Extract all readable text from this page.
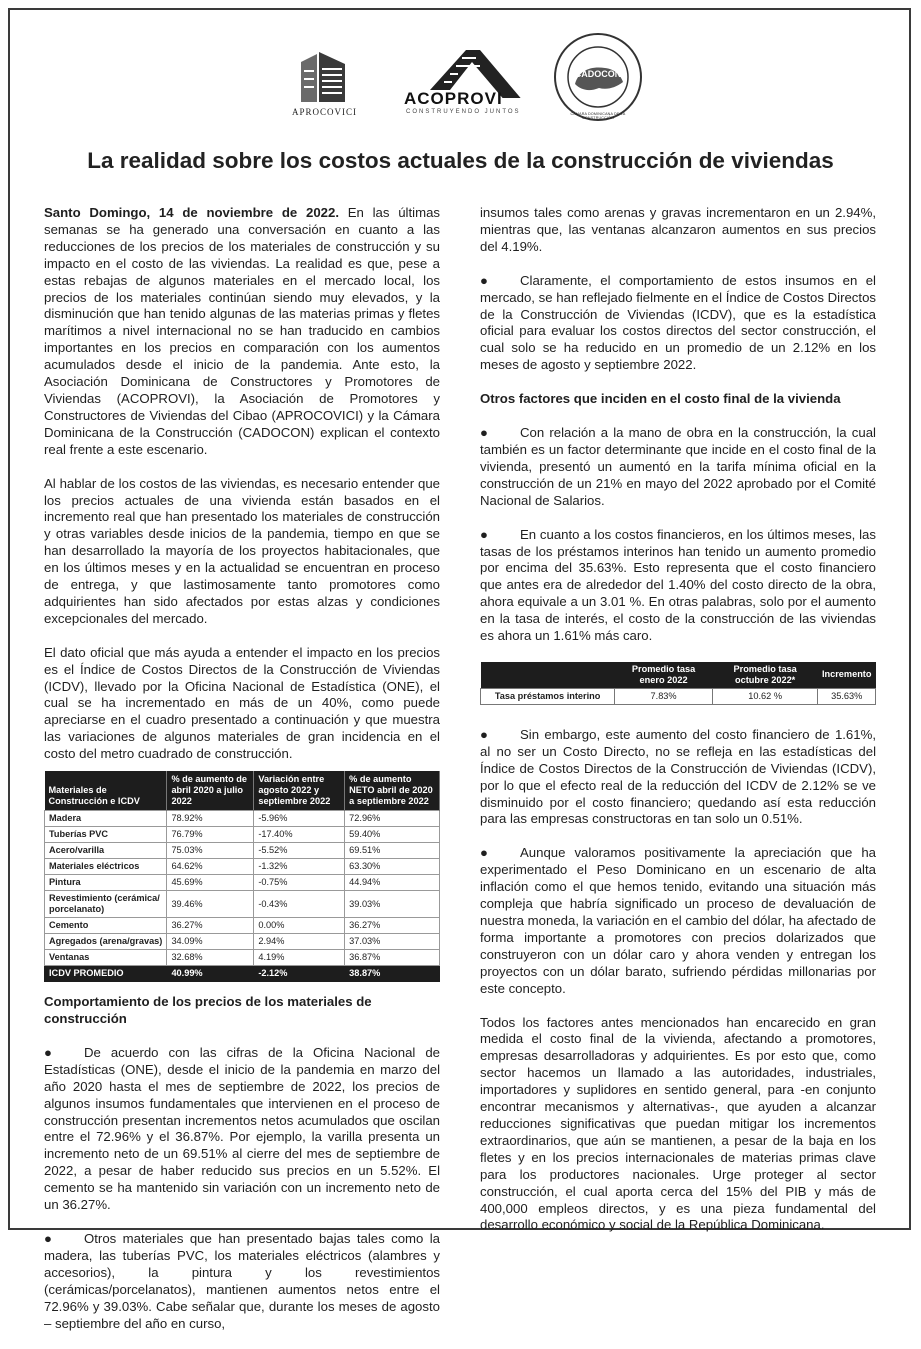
APROCOVICI
ACOPROVI
CONSTRUYENDO JUNTOS
CADOCON
CÁMARA DOMINICANA DE LA CONSTRUCCIÓN
La realidad sobre los costos actuales de la construcción de viviendas

Santo Domingo, 14 de noviembre de 2022. En las últimas semanas se ha generado una conversación en cuanto a las reducciones de los precios de los materiales de construcción y su impacto en el costo de las viviendas. La realidad es que, pese a estas rebajas de algunos materiales en el mercado local, los precios de los materiales continúan siendo muy elevados, y la disminución que han tenido algunas de las materias primas y fletes marítimos a nivel internacional no se han traducido en cambios importantes en los precios en comparación con los aumentos acumulados desde el inicio de la pandemia. Ante esto, la Asociación Dominicana de Constructores y Promotores de Viviendas (ACOPROVI), la Asociación de Promotores y Constructores de Viviendas del Cibao (APROCOVICI) y la Cámara Dominicana de la Construcción (CADOCON) explican el contexto real frente a este escenario.

Al hablar de los costos de las viviendas, es necesario entender que los precios actuales de una vivienda están basados en el incremento real que han presentado los materiales de construcción y otras variables desde inicios de la pandemia, tiempo en que se han desarrollado la mayoría de los proyectos habitacionales, que en los últimos meses y en la actualidad se encuentran en proceso de entrega, y que lastimosamente tanto promotores como adquirientes han sido afectados por estas alzas y condiciones excepcionales del mercado.

El dato oficial que más ayuda a entender el impacto en los precios es el Índice de Costos Directos de la Construcción de Viviendas (ICDV), llevado por la Oficina Nacional de Estadística (ONE), el cual se ha incrementado en más de un 40%, como puede apreciarse en el cuadro presentado a continuación y que muestra las variaciones de algunos materiales de gran incidencia en el costo del metro cuadrado de construcción.

Materiales de Construcción e ICDV	% de aumento de abril 2020 a julio 2022	Variación entre agosto 2022 y septiembre 2022	% de aumento NETO abril de 2020 a septiembre 2022
Madera	78.92%	-5.96%	72.96%
Tuberías PVC	76.79%	-17.40%	59.40%
Acero/varilla	75.03%	-5.52%	69.51%
Materiales eléctricos	64.62%	-1.32%	63.30%
Pintura	45.69%	-0.75%	44.94%
Revestimiento (cerámica/ porcelanato)	39.46%	-0.43%	39.03%
Cemento	36.27%	0.00%	36.27%
Agregados (arena/gravas)	34.09%	2.94%	37.03%
Ventanas	32.68%	4.19%	36.87%
ICDV PROMEDIO	40.99%	-2.12%	38.87%
Comportamiento de los precios de los materiales de construcción

● De acuerdo con las cifras de la Oficina Nacional de Estadísticas (ONE), desde el inicio de la pandemia en marzo del año 2020 hasta el mes de septiembre de 2022, los precios de algunos insumos fundamentales que intervienen en el proceso de construcción presentan incrementos netos acumulados que oscilan entre el 72.96% y el 36.87%. Por ejemplo, la varilla presenta un incremento neto de un 69.51% al cierre del mes de septiembre de 2022, a pesar de haber reducido sus precios en un 5.52%. El cemento se ha mantenido sin variación con un incremento neto de un 36.27%.

● Otros materiales que han presentado bajas tales como la madera, las tuberías PVC, los materiales eléctricos (alambres y accesorios), la pintura y los revestimientos (cerámicas/porcelanatos), mantienen aumentos netos entre el 72.96% y 39.03%. Cabe señalar que, durante los meses de agosto – septiembre del año en curso,

insumos tales como arenas y gravas incrementaron en un 2.94%, mientras que, las ventanas alcanzaron aumentos en sus precios del 4.19%.

● Claramente, el comportamiento de estos insumos en el mercado, se han reflejado fielmente en el Índice de Costos Directos de la Construcción de Viviendas (ICDV), que es la estadística oficial para evaluar los costos directos del sector construcción, el cual solo se ha reducido en un promedio de un 2.12% en los meses de agosto y septiembre 2022.

Otros factores que inciden en el costo final de la vivienda

● Con relación a la mano de obra en la construcción, la cual también es un factor determinante que incide en el costo final de la vivienda, presentó un aumentó en la tarifa mínima oficial en la construcción de un 21% en mayo del 2022 aprobado por el Comité Nacional de Salarios.

● En cuanto a los costos financieros, en los últimos meses, las tasas de los préstamos interinos han tenido un aumento promedio por encima del 35.63%. Esto representa que el costo financiero que antes era de alrededor del 1.40% del costo directo de la obra, ahora equivale a un 3.01 %. En otras palabras, solo por el aumento en la tasa de interés, el costo de la construcción de las viviendas es ahora un 1.61% más caro.

	Promedio tasa enero 2022	Promedio tasa octubre 2022*	Incremento
Tasa préstamos interino	7.83%	10.62 %	35.63%

● Sin embargo, este aumento del costo financiero de 1.61%, al no ser un Costo Directo, no se refleja en las estadísticas del Índice de Costos Directos de la Construcción de Viviendas (ICDV), por lo que el efecto real de la reducción del ICDV de 2.12% se ve disminuido por el costo financiero; quedando así esta reducción para las empresas constructoras en tan solo un 0.51%.

● Aunque valoramos positivamente la apreciación que ha experimentado el Peso Dominicano en un escenario de alta inflación como el que hemos tenido, evitando una situación más compleja que habría significado un proceso de devaluación de nuestra moneda, la variación en el cambio del dólar, ha afectado de forma importante a promotores con precios dolarizados que construyeron con un dólar caro y ahora venden y entregan los proyectos con un dólar barato, sufriendo pérdidas millonarias por este concepto.

Todos los factores antes mencionados han encarecido en gran medida el costo final de la vivienda, afectando a promotores, empresas desarrolladoras y adquirientes. Es por esto que, como sector hacemos un llamado a las autoridades, industriales, importadores y suplidores en sentido general, para -en conjunto encontrar mecanismos y alternativas-, que ayuden a alcanzar reducciones significativas que puedan mitigar los incrementos extraordinarios, que aún se mantienen, a pesar de la baja en los fletes y en los precios internacionales de materias primas clave para los productores nacionales. Urge proteger al sector construcción, el cual aporta cerca del 15% del PIB y más de 400,000 empleos directos, y es una pieza fundamental del desarrollo económico y social de la República Dominicana.
